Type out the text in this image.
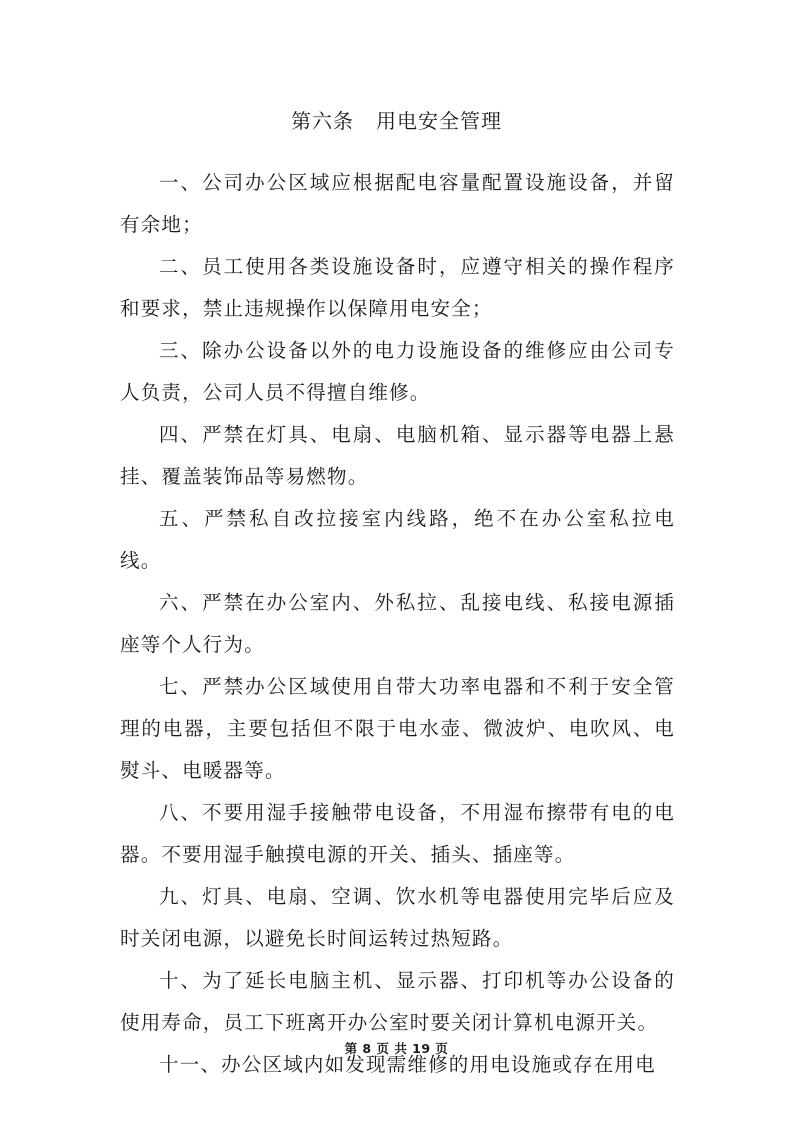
第六条 用电安全管理

一、公司办公区域应根据配电容量配置设施设备，并留有余地；

二、员工使用各类设施设备时，应遵守相关的操作程序和要求，禁止违规操作以保障用电安全；

三、除办公设备以外的电力设施设备的维修应由公司专人负责，公司人员不得擅自维修。

四、严禁在灯具、电扇、电脑机箱、显示器等电器上悬挂、覆盖装饰品等易燃物。

五、严禁私自改拉接室内线路，绝不在办公室私拉电线。

六、严禁在办公室内、外私拉、乱接电线、私接电源插座等个人行为。

七、严禁办公区域使用自带大功率电器和不利于安全管理的电器，主要包括但不限于电水壶、微波炉、电吹风、电熨斗、电暖器等。

八、不要用湿手接触带电设备，不用湿布擦带有电的电器。不要用湿手触摸电源的开关、插头、插座等。

九、灯具、电扇、空调、饮水机等电器使用完毕后应及时关闭电源，以避免长时间运转过热短路。

十、为了延长电脑主机、显示器、打印机等办公设备的使用寿命，员工下班离开办公室时要关闭计算机电源开关。

十一、办公区域内如发现需维修的用电设施或存在用电

第 8 页 共 19 页
